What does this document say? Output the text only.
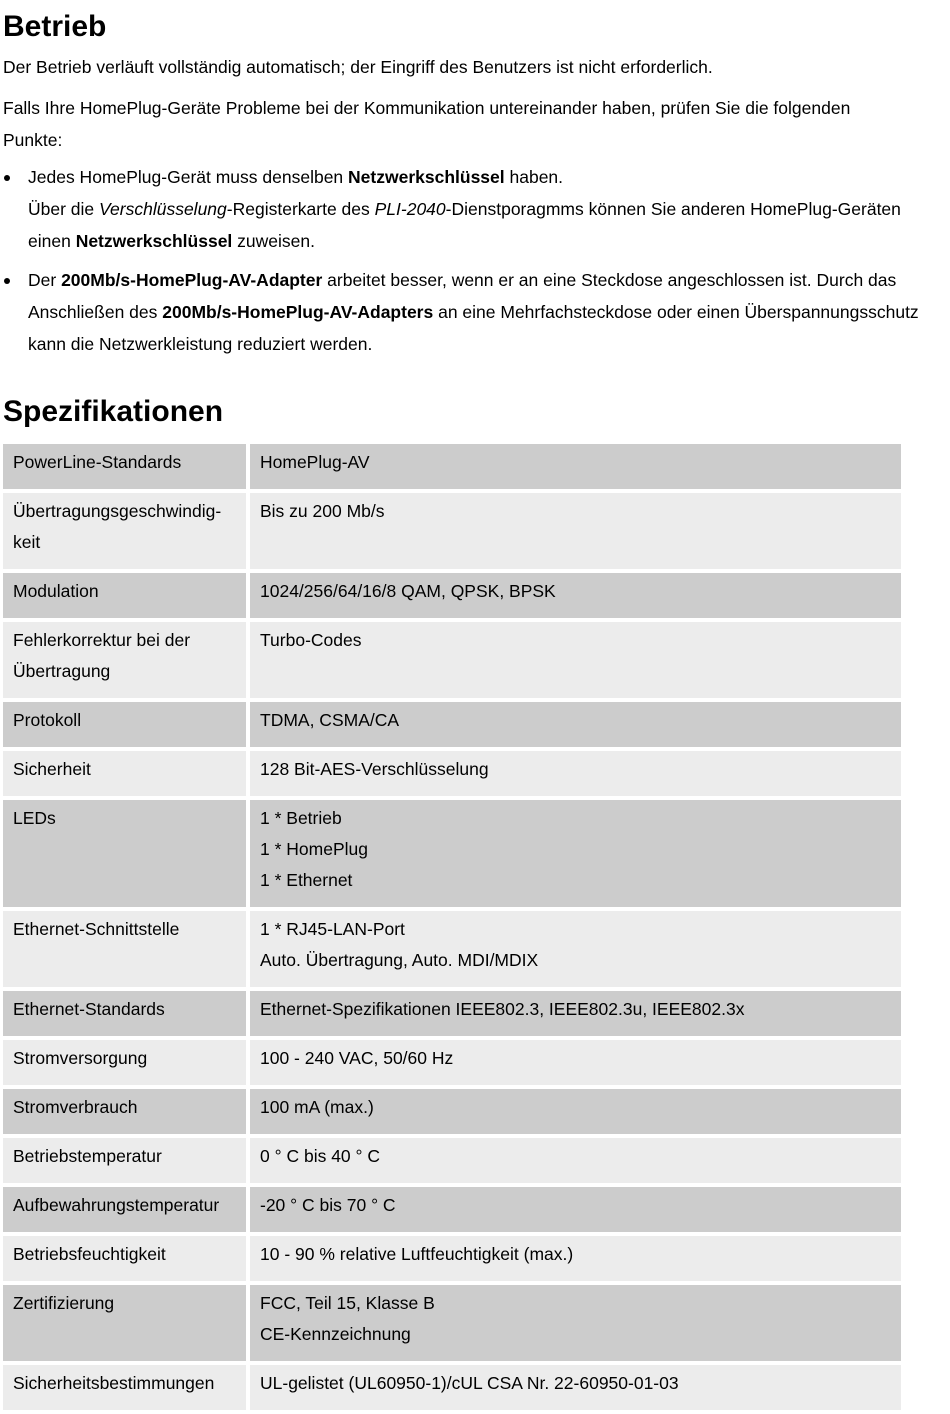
Betrieb

Der Betrieb verläuft vollständig automatisch; der Eingriff des Benutzers ist nicht erforderlich.

Falls Ihre HomePlug-Geräte Probleme bei der Kommunikation untereinander haben, prüfen Sie die folgenden Punkte:

Jedes HomePlug-Gerät muss denselben Netzwerkschlüssel haben.
Über die Verschlüsselung-Registerkarte des PLI-2040-Dienstporagmms können Sie anderen HomePlug-Geräten einen Netzwerkschlüssel zuweisen.
Der 200Mb/s-HomePlug-AV-Adapter arbeitet besser, wenn er an eine Steckdose angeschlossen ist. Durch das Anschließen des 200Mb/s-HomePlug-AV-Adapters an eine Mehrfachsteckdose oder einen Überspannungsschutz kann die Netzwerkleistung reduziert werden.
Spezifikationen
PowerLine-Standards	HomePlug-AV

Übertragungsgeschwindig-
keit	Bis zu 200 Mb/s

Modulation	1024/256/64/16/8 QAM, QPSK, BPSK

Fehlerkorrektur bei der Übertragung	Turbo-Codes

Protokoll	TDMA, CSMA/CA

Sicherheit	128 Bit-AES-Verschlüsselung

LEDs	1 * Betrieb
1 * HomePlug
1 * Ethernet

Ethernet-Schnittstelle	1 * RJ45-LAN-Port
Auto. Übertragung, Auto. MDI/MDIX

Ethernet-Standards	Ethernet-Spezifikationen IEEE802.3, IEEE802.3u, IEEE802.3x

Stromversorgung	100 - 240 VAC, 50/60 Hz

Stromverbrauch	100 mA (max.)

Betriebstemperatur	0 ° C bis 40 ° C

Aufbewahrungstemperatur	-20 ° C bis 70 ° C

Betriebsfeuchtigkeit	10 - 90 % relative Luftfeuchtigkeit (max.)

Zertifizierung	FCC, Teil 15, Klasse B
CE-Kennzeichnung

Sicherheitsbestimmungen	UL-gelistet (UL60950-1)/cUL CSA Nr. 22-60950-01-03
